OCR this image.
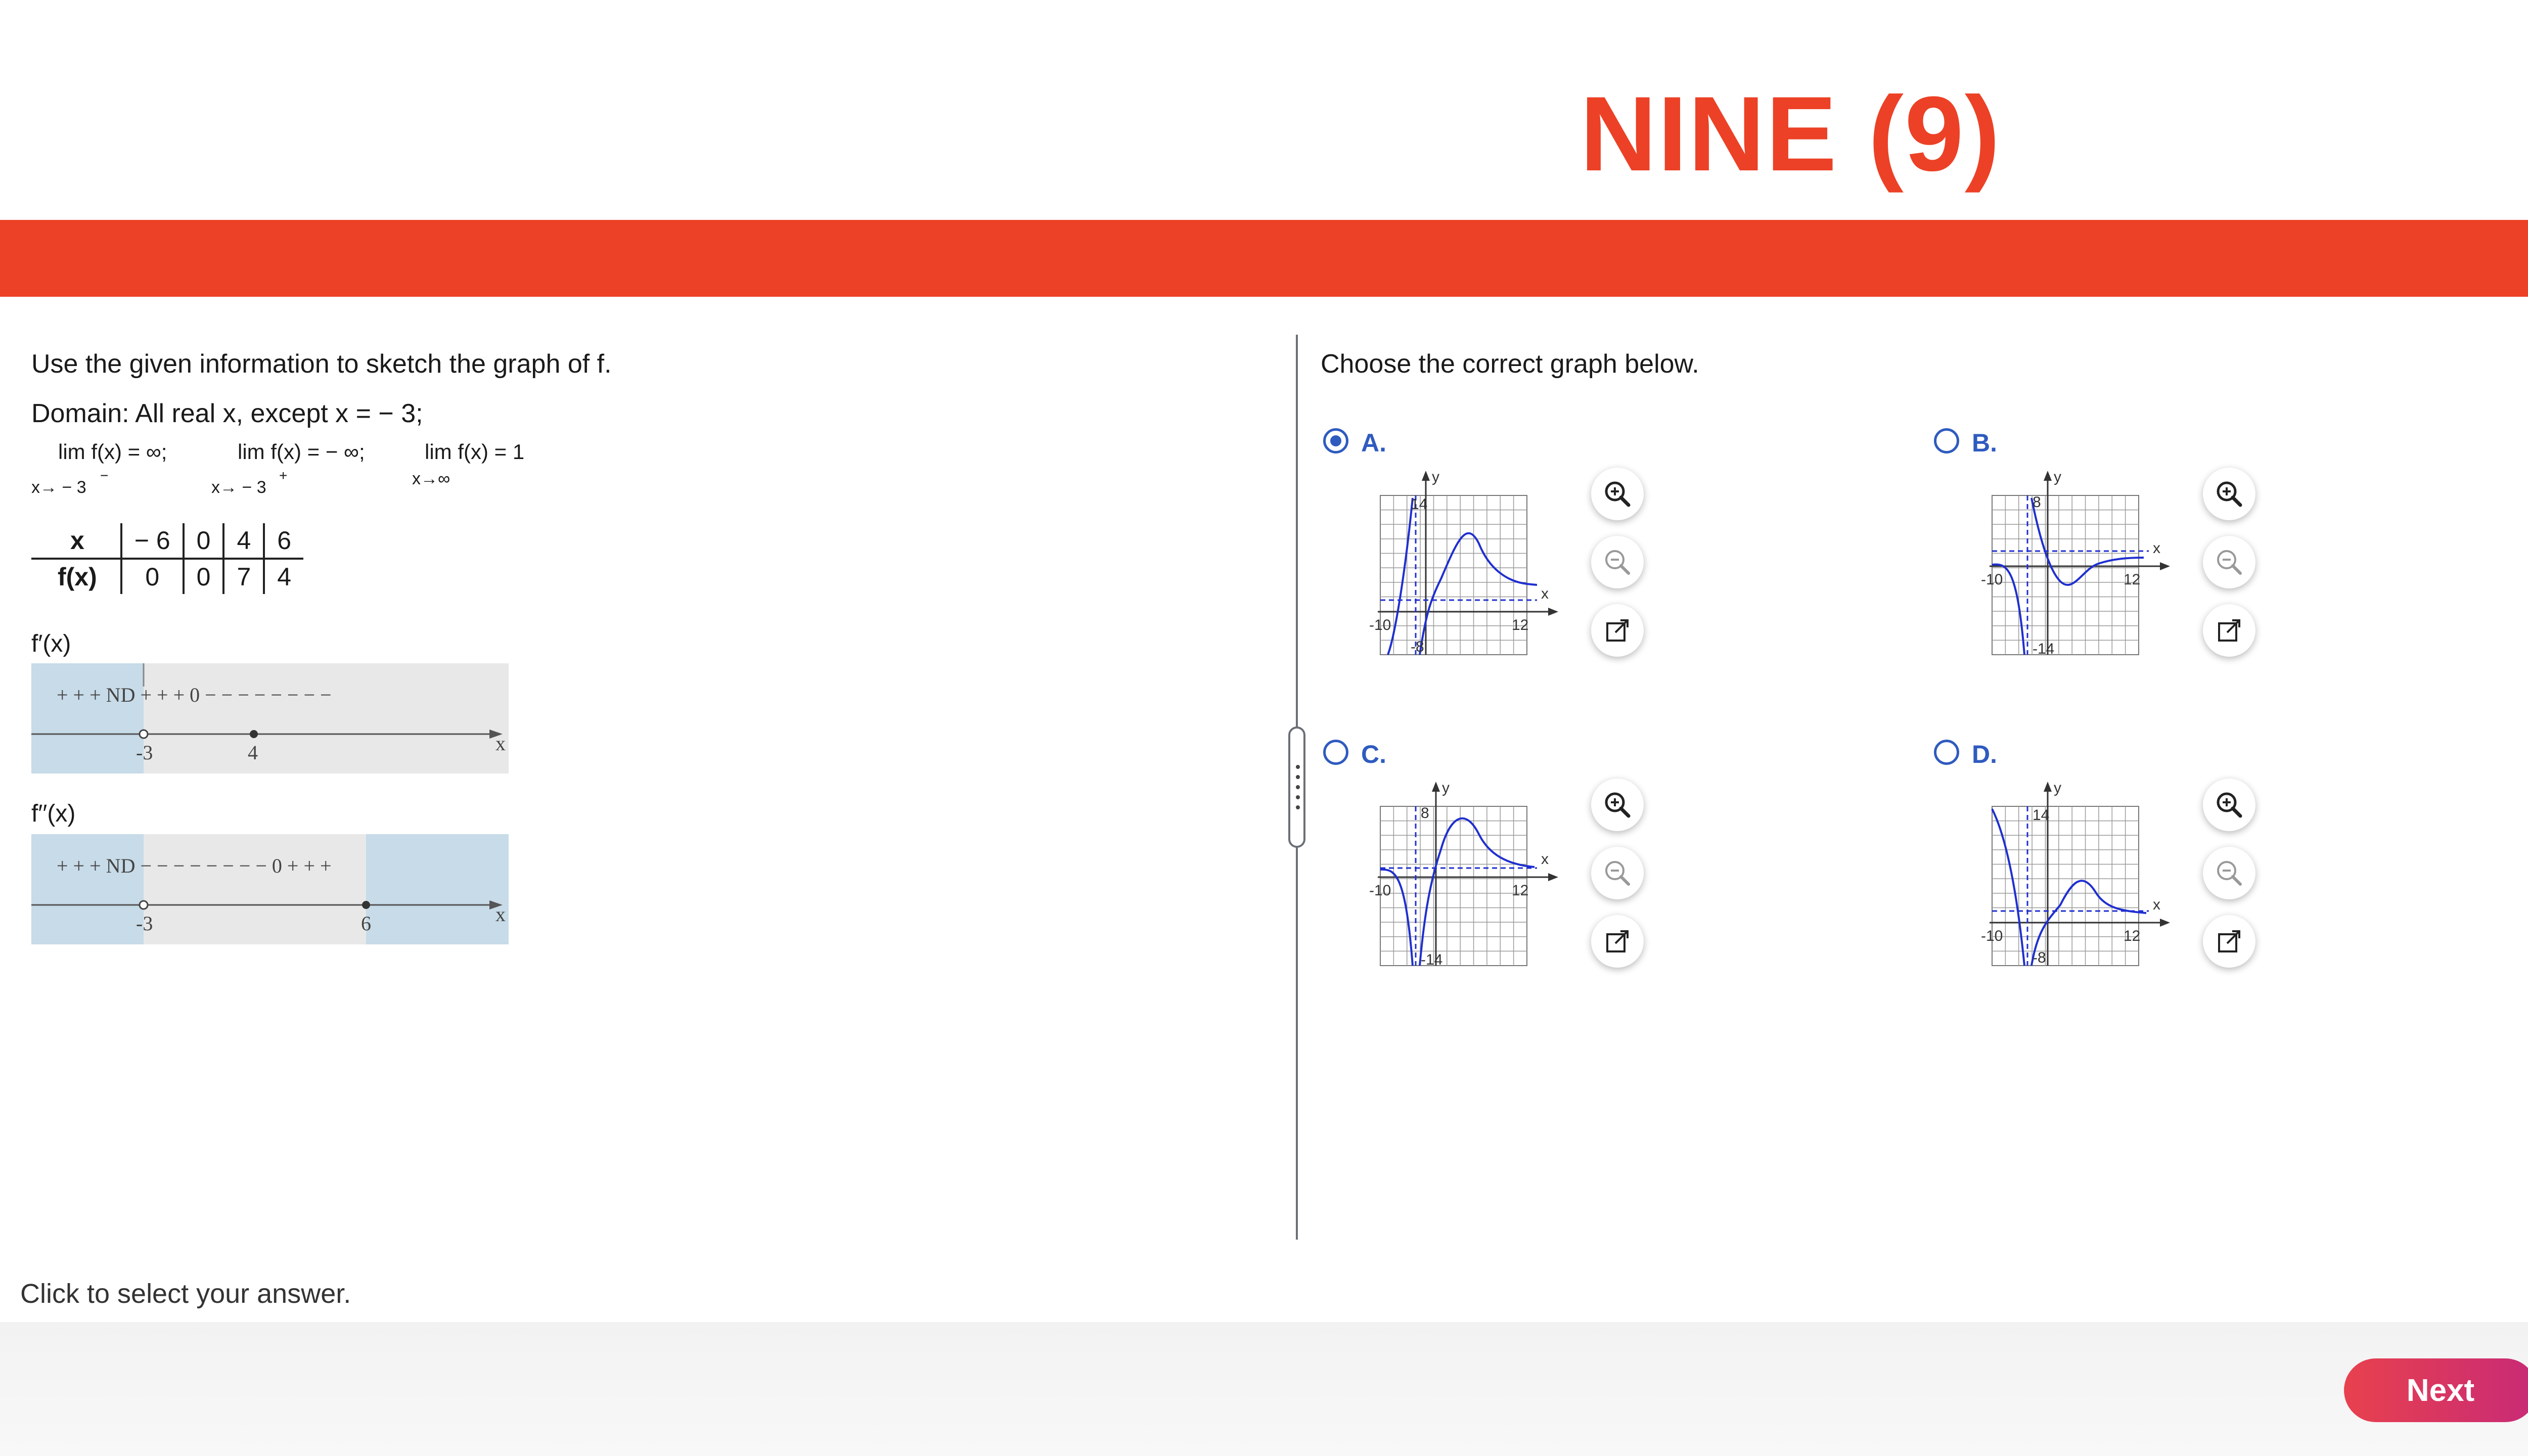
NINE (9)
Use the given information to sketch the graph of f.
Domain: All real x, except x = − 3;
lim f(x) = ∞;
x→ − 3
−
lim f(x) = − ∞;
x→ − 3
+
lim f(x) = 1
x→∞
x	− 6	0	4	6
f(x)	0	0	7	4
f′(x)
+ + + ND + + + 0 − − − − − − − −
-3	4	x
f′′(x)
+ + + ND − − − − − − − − 0 + + +
-3	6	x
Choose the correct graph below.
A.
y
x
14
-8
-10	12
B.
y
x
8
-14
-10	12
C.
y
x
8
-14
-10	12
D.
y
x
14
-8
-10	12
Click to select your answer.
Next
